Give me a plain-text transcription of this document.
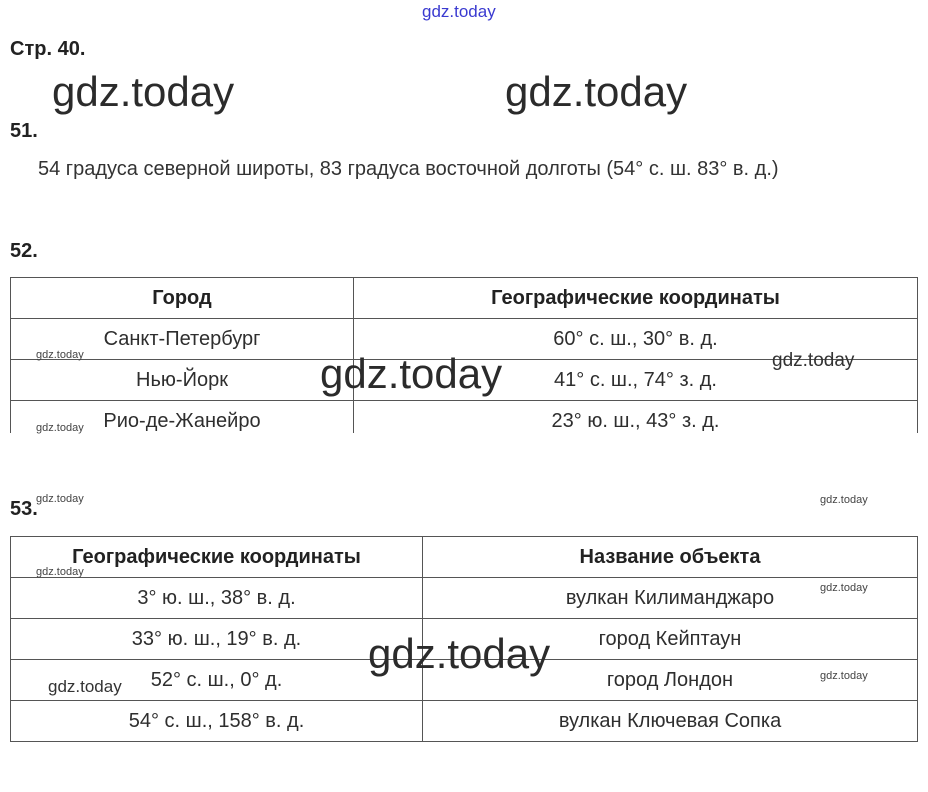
gdz.today
Стр. 40.
gdz.today	gdz.today
51.
54 градуса северной широты, 83 градуса восточной долготы (54° с. ш. 83° в. д.)
52.
Город	Географические координаты
Санкт-Петербург	60° с. ш., 30° в. д.
Нью-Йорк	41° с. ш., 74° з. д.
Рио-де-Жанейро	23° ю. ш., 43° з. д.
gdz.today	gdz.today	gdz.today
gdz.today
53.
gdz.today	gdz.today
Географические координаты	Название объекта
3° ю. ш., 38° в. д.	вулкан Килиманджаро
33° ю. ш., 19° в. д.	город Кейптаун
52° с. ш., 0° д.	город Лондон
54° с. ш., 158° в. д.	вулкан Ключевая Сопка
gdz.today
gdz.today
gdz.today
gdz.today
gdz.today
